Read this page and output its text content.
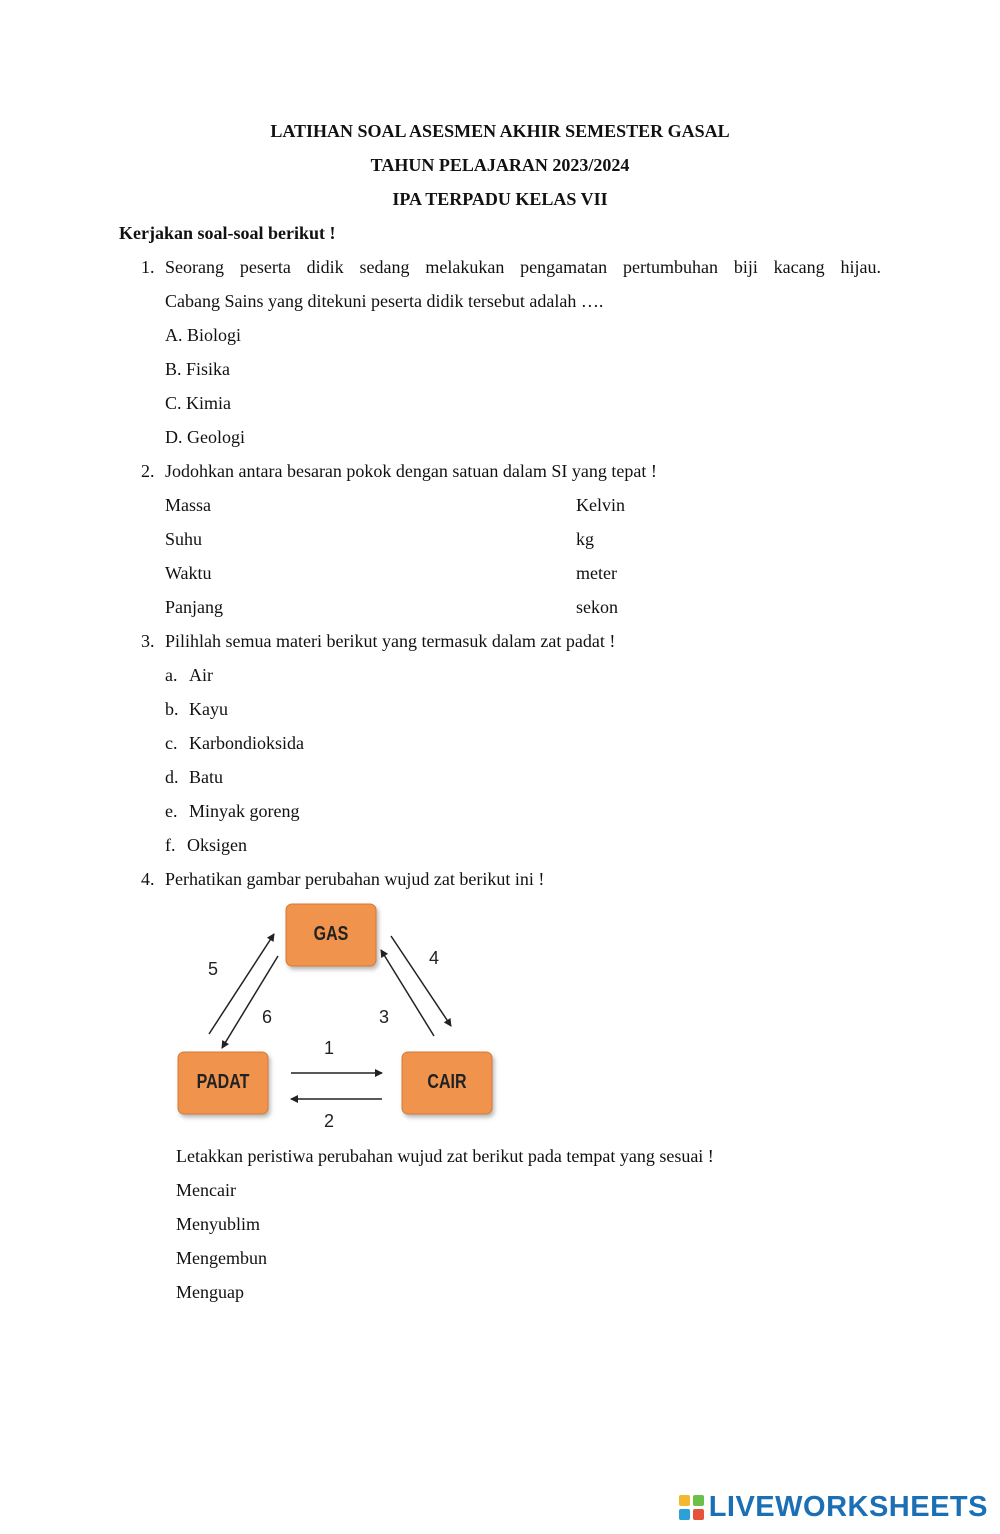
LATIHAN SOAL ASESMEN AKHIR SEMESTER GASAL
TAHUN PELAJARAN 2023/2024
IPA TERPADU KELAS VII
Kerjakan soal-soal berikut !
1. Seorang peserta didik sedang melakukan pengamatan pertumbuhan biji kacang hijau.
Cabang Sains yang ditekuni peserta didik tersebut adalah ….
A. Biologi
B. Fisika
C. Kimia
D. Geologi
2. Jodohkan antara besaran pokok dengan satuan dalam SI yang tepat !
Massa
Suhu
Waktu
Panjang
Kelvin
kg
meter
sekon
3. Pilihlah semua materi berikut yang termasuk dalam zat padat !
a. Air
b. Kayu
c. Karbondioksida
d. Batu
e. Minyak goreng
f. Oksigen
4. Perhatikan gambar perubahan wujud zat berikut ini !
GAS
PADAT	CAIR
1
2
3
4
5
6
Letakkan peristiwa perubahan wujud zat berikut pada tempat yang sesuai !
Mencair
Menyublim
Mengembun
Menguap
LIVEWORKSHEETS
